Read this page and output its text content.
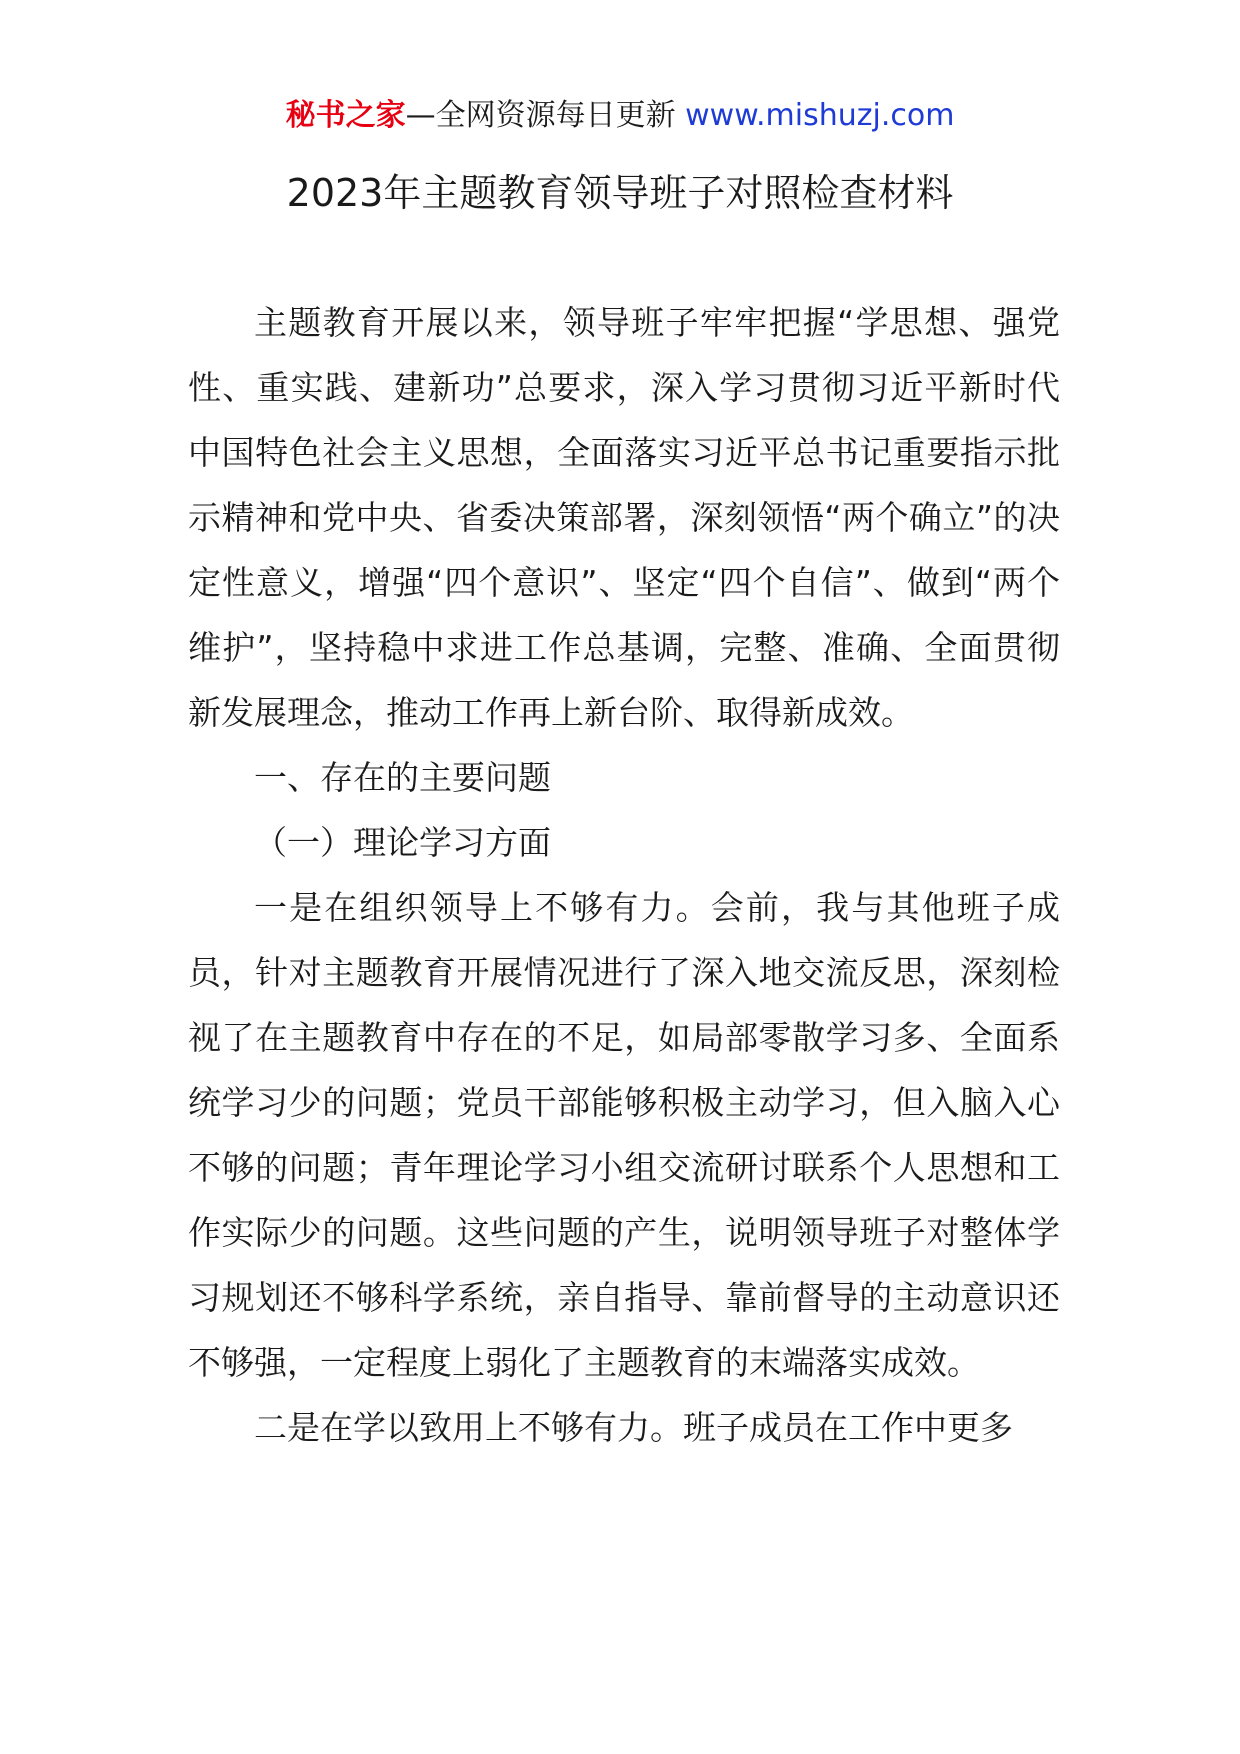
秘书之家—全网资源每日更新 www.mishuzj.com
2023年主题教育领导班子对照检查材料

主题教育开展以来，领导班子牢牢把握“学思想、强党性、重实践、建新功”总要求，深入学习贯彻习近平新时代中国特色社会主义思想，全面落实习近平总书记重要指示批示精神和党中央、省委决策部署，深刻领悟“两个确立”的决定性意义，增强“四个意识”、坚定“四个自信”、做到“两个维护”，坚持稳中求进工作总基调，完整、准确、全面贯彻新发展理念，推动工作再上新台阶、取得新成效。

一、存在的主要问题

（一）理论学习方面

一是在组织领导上不够有力。会前，我与其他班子成员，针对主题教育开展情况进行了深入地交流反思，深刻检视了在主题教育中存在的不足，如局部零散学习多、全面系统学习少的问题；党员干部能够积极主动学习，但入脑入心不够的问题；青年理论学习小组交流研讨联系个人思想和工作实际少的问题。这些问题的产生，说明领导班子对整体学习规划还不够科学系统，亲自指导、靠前督导的主动意识还不够强，一定程度上弱化了主题教育的末端落实成效。

二是在学以致用上不够有力。班子成员在工作中更多
